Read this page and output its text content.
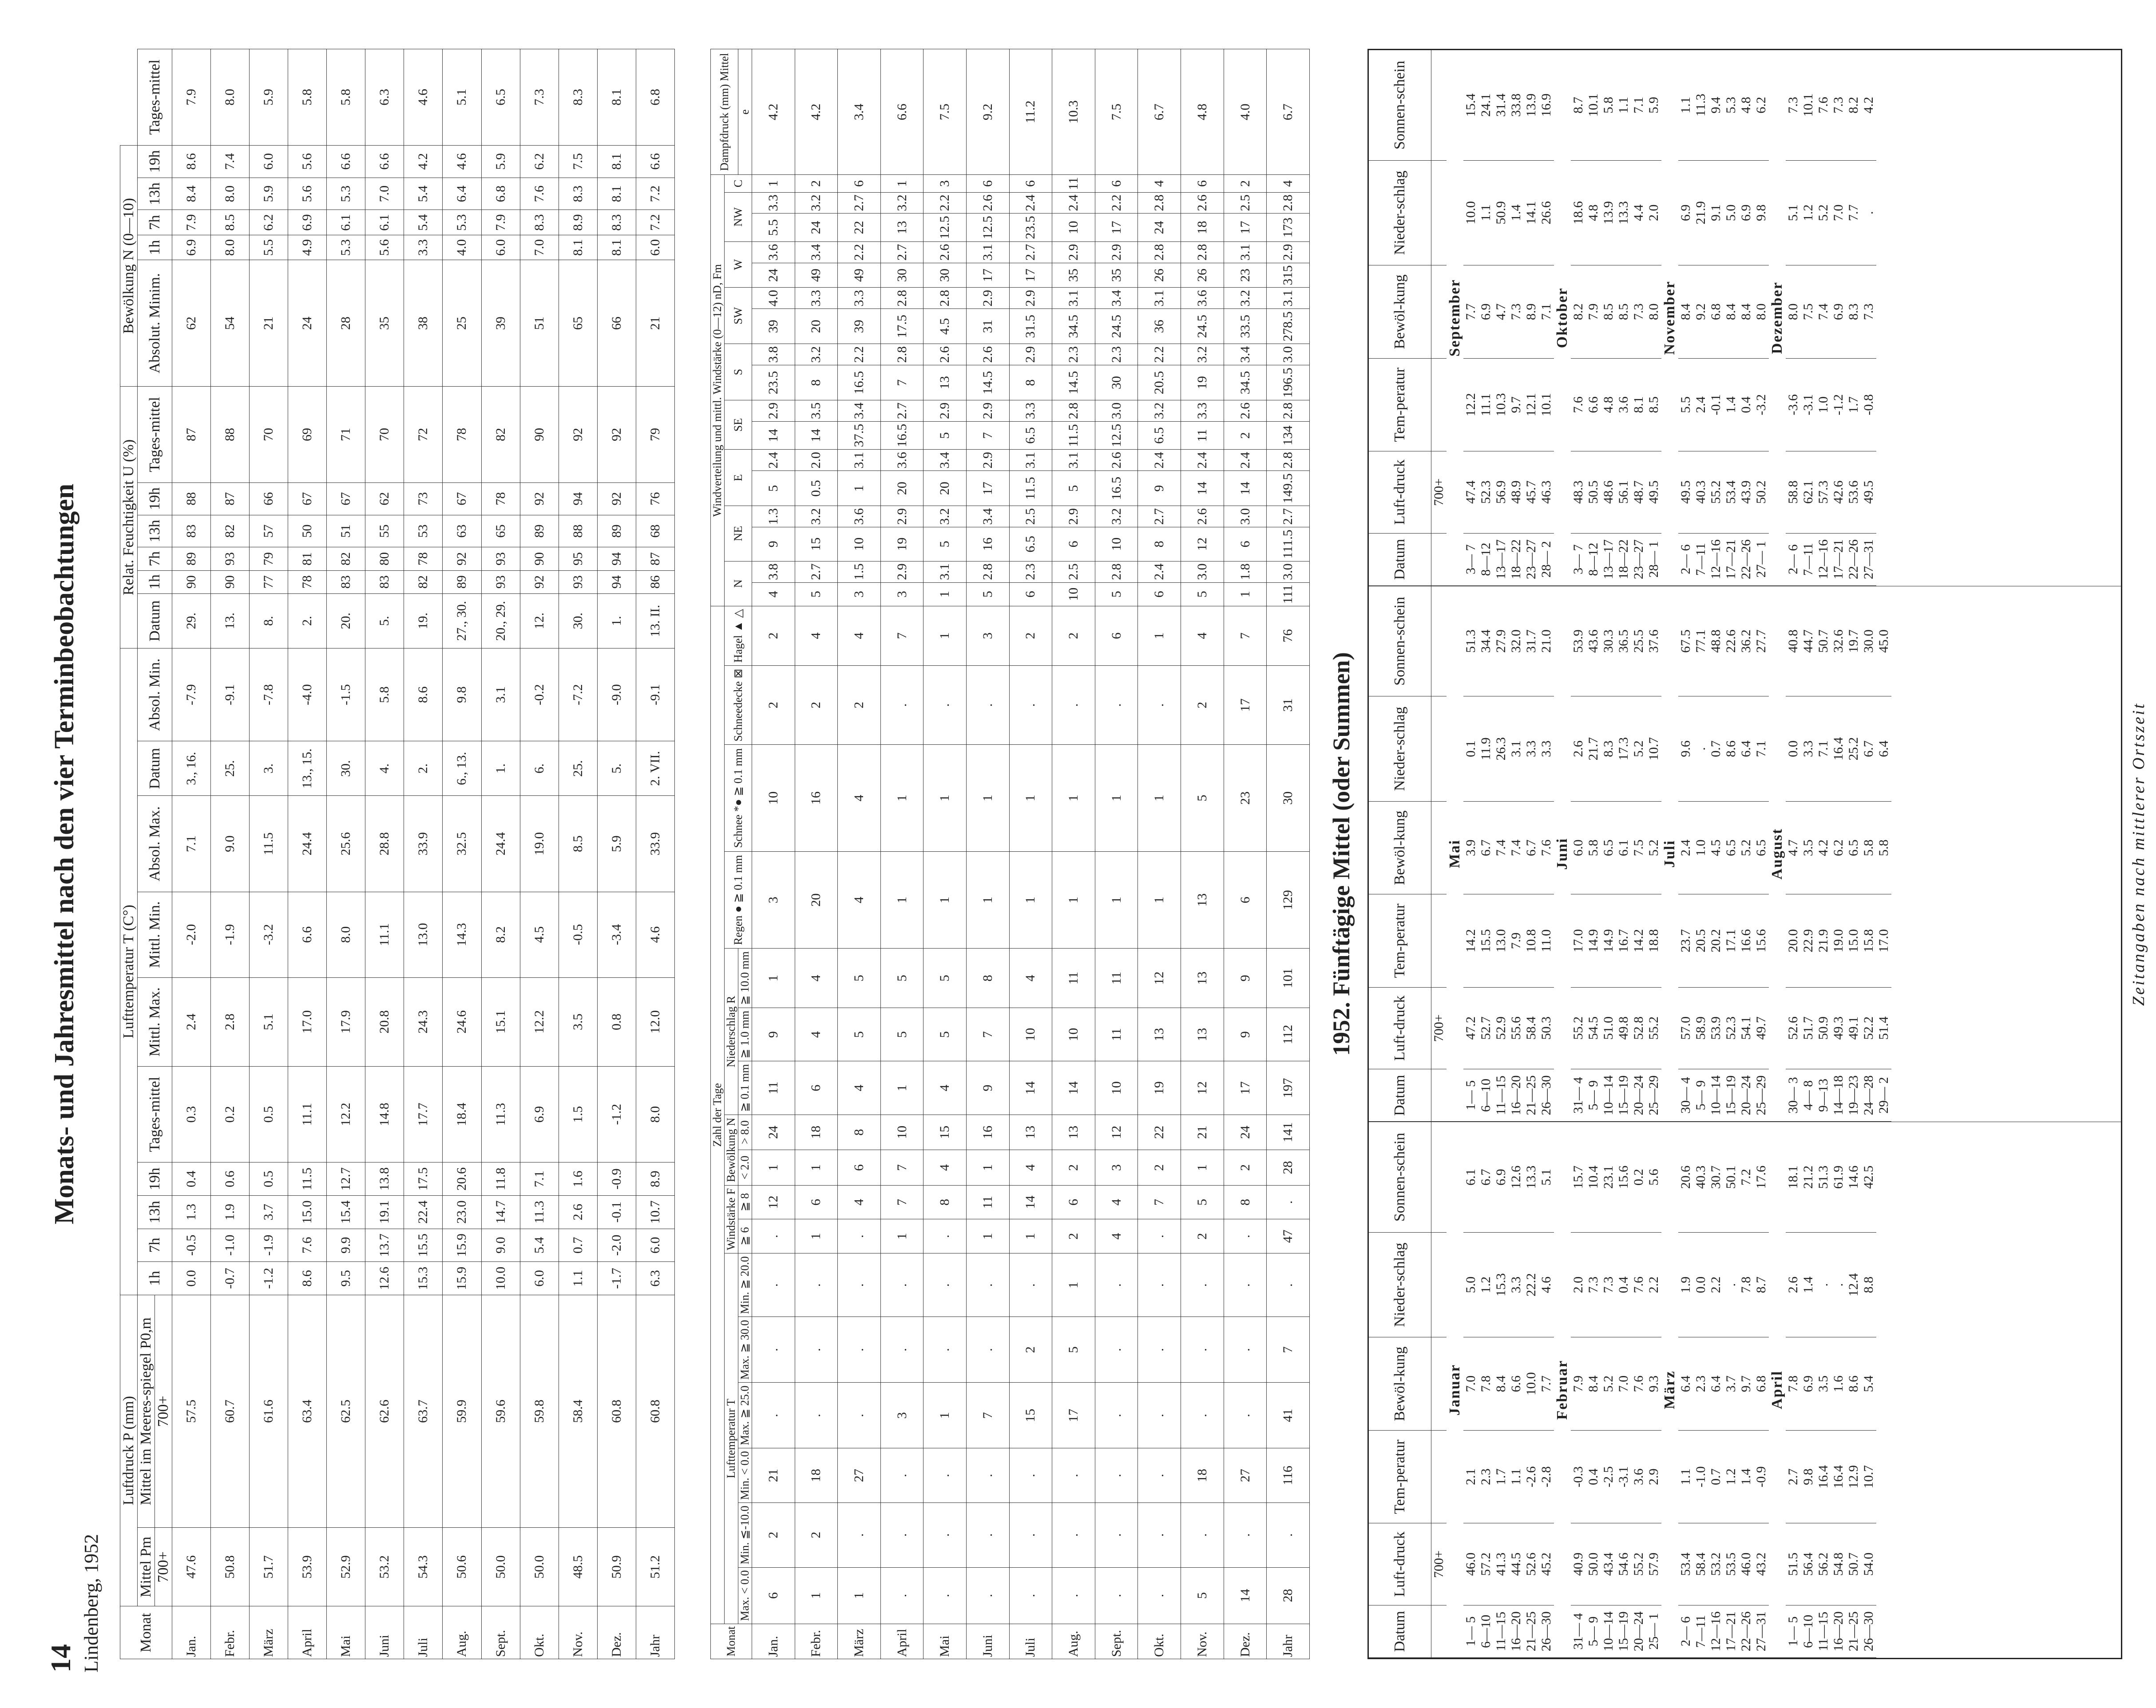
14 Lindenberg, 1952
Monats- und Jahresmittel nach den vier Terminbeobachtungen
Monat	Luftdruck P (mm)		Lufttemperatur T (C°)										Relat. Feuchtigkeit U (%)						Bewölkung N (0—10)					
	Mittel Pm	Mittel im Meeres-spiegel P0,m	1h	7h	13h	19h	Tages-mittel	Mittl. Max.	Mittl. Min.	Absol. Max.	Datum	Absol. Min.	Datum	1h	7h	13h	19h	Tages-mittel	Absolut. Minim.	1h	7h	13h	19h	Tages-mittel
	700+	700+																						
Jan.	47.6	57.5	0.0	-0.5	1.3	0.4	0.3	2.4	-2.0	7.1	3., 16.	-7.9	29.	90	89	83	88	87	62	6.9	7.9	8.4	8.6	7.9
Febr.	50.8	60.7	-0.7	-1.0	1.9	0.6	0.2	2.8	-1.9	9.0	25.	-9.1	13.	90	93	82	87	88	54	8.0	8.5	8.0	7.4	8.0
März	51.7	61.6	-1.2	-1.9	3.7	0.5	0.5	5.1	-3.2	11.5	3.	-7.8	8.	77	79	57	66	70	21	5.5	6.2	5.9	6.0	5.9
April	53.9	63.4	8.6	7.6	15.0	11.5	11.1	17.0	6.6	24.4	13., 15.	-4.0	2.	78	81	50	67	69	24	4.9	6.9	5.6	5.6	5.8
Mai	52.9	62.5	9.5	9.9	15.4	12.7	12.2	17.9	8.0	25.6	30.	-1.5	20.	83	82	51	67	71	28	5.3	6.1	5.3	6.6	5.8
Juni	53.2	62.6	12.6	13.7	19.1	13.8	14.8	20.8	11.1	28.8	4.	5.8	5.	83	80	55	62	70	35	5.6	6.1	7.0	6.6	6.3
Juli	54.3	63.7	15.3	15.5	22.4	17.5	17.7	24.3	13.0	33.9	2.	8.6	19.	82	78	53	73	72	38	3.3	5.4	5.4	4.2	4.6
Aug.	50.6	59.9	15.9	15.9	23.0	20.6	18.4	24.6	14.3	32.5	6., 13.	9.8	27., 30.	89	92	63	67	78	25	4.0	5.3	6.4	4.6	5.1
Sept.	50.0	59.6	10.0	9.0	14.7	11.8	11.3	15.1	8.2	24.4	1.	3.1	20., 29.	93	93	65	78	82	39	6.0	7.9	6.8	5.9	6.5
Okt.	50.0	59.8	6.0	5.4	11.3	7.1	6.9	12.2	4.5	19.0	6.	-0.2	12.	92	90	89	92	90	51	7.0	8.3	7.6	6.2	7.3
Nov.	48.5	58.4	1.1	0.7	2.6	1.6	1.5	3.5	-0.5	8.5	25.	-7.2	30.	93	95	88	94	92	65	8.1	8.9	8.3	7.5	8.3
Dez.	50.9	60.8	-1.7	-2.0	-0.1	-0.9	-1.2	0.8	-3.4	5.9	5.	-9.0	1.	94	94	89	92	92	66	8.1	8.3	8.1	8.1	8.1
Jahr	51.2	60.8	6.3	6.0	10.7	8.9	8.0	12.0	4.6	33.9	2. VII.	-9.1	13. II.	86	87	68	76	79	21	6.0	7.2	7.2	6.6	6.8
Monat	Zahl der Tage																	Windverteilung und mittl. Windstärke (0—12) nD, Fm																	Dampfdruck (mm) Mittel
	Lufttemperatur T						Windstärke F		Bewölkung N		Niederschlag R			Regen ● ≧ 0.1 mm	Schnee *● ≧ 0.1 mm	Schneedecke ⊠	Hagel ▲ △	N		NE		E		SE		S		SW		W		NW		C	
	Max. < 0.0	Min. ≦-10.0	Min. < 0.0	Max. ≧ 25.0	Max. ≧ 30.0	Min. ≧ 20.0	≧ 6	≧ 8	< 2.0	> 8.0	≧ 0.1 mm	≧ 1.0 mm	≧ 10.0 mm																						e
Jan.	6	2	21	.	.	.	.	12	1	24	11	9	1	3	10	2	2	4	3.8	9	1.3	5	2.4	14	2.9	23.5	3.8	39	4.0	24	3.6	5.5	3.3	1	4.2
Febr.	1	2	18	.	.	.	1	6	1	18	6	4	4	20	16	2	4	5	2.7	15	3.2	0.5	2.0	14	3.5	8	3.2	20	3.3	49	3.4	24	3.2	2	4.2
März	1	.	27	.	.	.	.	4	6	8	4	5	5	4	4	2	4	3	1.5	10	3.6	1	3.1	37.5	3.4	16.5	2.2	39	3.3	49	2.2	22	2.7	6	3.4
April	.	.	.	3	.	.	1	7	7	10	1	5	5	1	1	.	7	3	2.9	19	2.9	20	3.6	16.5	2.7	7	2.8	17.5	2.8	30	2.7	13	3.2	1	6.6
Mai	.	.	.	1	.	.	.	8	4	15	4	5	5	1	1	.	1	1	3.1	5	3.2	20	3.4	5	2.9	13	2.6	4.5	2.8	30	2.6	12.5	2.2	3	7.5
Juni	.	.	.	7	.	.	1	11	1	16	9	7	8	1	1	.	3	5	2.8	16	3.4	17	2.9	7	2.9	14.5	2.6	31	2.9	17	3.1	12.5	2.6	6	9.2
Juli	.	.	.	15	2	.	1	14	4	13	14	10	4	1	1	.	2	6	2.3	6.5	2.5	11.5	3.1	6.5	3.3	8	2.9	31.5	2.9	17	2.7	23.5	2.4	6	11.2
Aug.	.	.	.	17	5	1	2	6	2	13	14	10	11	1	1	.	2	10	2.5	6	2.9	5	3.1	11.5	2.8	14.5	2.3	34.5	3.1	35	2.9	10	2.4	11	10.3
Sept.	.	.	.	.	.	.	4	4	3	12	10	11	11	1	1	.	6	5	2.8	10	3.2	16.5	2.6	12.5	3.0	30	2.3	24.5	3.4	35	2.9	17	2.2	6	7.5
Okt.	.	.	.	.	.	.	.	7	2	22	19	13	12	1	1	.	1	6	2.4	8	2.7	9	2.4	6.5	3.2	20.5	2.2	36	3.1	26	2.8	24	2.8	4	6.7
Nov.	5	.	18	.	.	.	2	5	1	21	12	13	13	13	5	2	4	5	3.0	12	2.6	14	2.4	11	3.3	19	3.2	24.5	3.6	26	2.8	18	2.6	6	4.8
Dez.	14	.	27	.	.	.	.	8	2	24	17	9	9	6	23	17	7	1	1.8	6	3.0	14	2.4	2	2.6	34.5	3.4	33.5	3.2	23	3.1	17	2.5	2	4.0
Jahr	28	.	116	41	7	.	47	.	28	141	197	112	101	129	30	31	76	111	3.0	111.5	2.7	149.5	2.8	134	2.8	196.5	3.0	278.5	3.1	315	2.9	173	2.8	4	6.7
1952. Fünftägige Mittel (oder Summen)
Datum	Luft-druck	Tem-peratur	Bewöl-kung	Nieder-schlag	Sonnen-schein
	700+				
Januar
1— 5	46.0	2.1	7.0	5.0	6.1
6—10	57.2	2.3	7.8	1.2	6.7
11—15	41.3	1.7	8.4	15.3	6.9
16—20	44.5	1.1	6.6	3.3	12.6
21—25	52.6	-2.6	10.0	22.2	13.3
26—30	45.2	-2.8	7.7	4.6	5.1
Februar
31— 4	40.9	-0.3	7.9	2.0	15.7
5— 9	50.0	0.4	8.4	7.3	10.4
10—14	43.4	-2.5	5.2	7.3	23.1
15—19	54.6	-3.1	7.0	0.4	15.6
20—24	55.2	3.6	7.6	7.6	0.2
25— 1	57.9	2.9	9.3	2.2	5.6
März
2— 6	53.4	1.1	6.4	1.9	20.6
7—11	58.4	-1.0	2.3	0.0	40.3
12—16	53.2	0.7	6.4	2.2	30.7
17—21	53.5	1.2	3.7	.	50.1
22—26	46.0	1.4	9.7	7.8	7.2
27—31	43.2	-0.9	6.8	8.7	17.6
April
1— 5	51.5	2.7	7.8	2.6	18.1
6—10	56.4	9.8	6.9	1.4	21.2
11—15	56.2	16.4	3.5	.	51.3
16—20	54.8	16.4	1.6	.	61.9
21—25	50.7	12.9	8.6	12.4	14.6
26—30	54.0	10.7	5.4	8.8	42.5

Datum	Luft-druck	Tem-peratur	Bewöl-kung	Nieder-schlag	Sonnen-schein
	700+				
Mai
1— 5	47.2	14.2	3.9	0.1	51.3
6—10	52.7	15.5	6.7	11.9	34.4
11—15	52.9	13.0	7.4	26.3	27.9
16—20	55.6	7.9	7.4	3.1	32.0
21—25	58.4	10.8	6.7	3.3	31.7
26—30	50.3	11.0	7.6	3.3	21.0
Juni
31— 4	55.2	17.0	6.0	2.6	53.9
5— 9	54.5	14.9	5.8	21.7	43.6
10—14	51.0	14.9	6.5	8.3	30.3
15—19	49.8	16.7	6.1	17.3	36.5
20—24	52.8	14.2	7.5	5.2	25.5
25—29	55.2	18.8	5.2	10.7	37.6
Juli
30— 4	57.0	23.7	2.4	9.6	67.5
5— 9	58.9	20.5	1.0	.	77.1
10—14	53.9	20.2	4.5	0.7	48.8
15—19	52.3	17.1	6.5	8.6	22.6
20—24	54.1	16.6	5.2	6.4	36.2
25—29	49.7	15.6	6.5	7.1	27.7
August
30— 3	52.6	20.0	4.7	0.0	40.8
4— 8	51.7	22.9	3.5	3.3	44.7
9—13	50.9	21.9	4.2	7.1	50.7
14—18	49.3	19.0	6.2	16.4	32.6
19—23	49.1	15.0	6.5	25.2	19.7
24—28	52.2	15.8	5.8	6.7	30.0
29— 2	51.4	17.0	5.8	6.4	45.0

Datum	Luft-druck	Tem-peratur	Bewöl-kung	Nieder-schlag	Sonnen-schein
	700+				
September
3— 7	47.4	12.2	7.7	10.0	15.4
8—12	52.3	11.1	6.9	1.1	24.1
13—17	56.9	10.3	4.7	50.9	31.4
18—22	48.9	9.7	7.3	1.4	33.8
23—27	45.7	12.1	8.9	14.1	13.9
28— 2	46.3	10.1	7.1	26.6	16.9
Oktober
3— 7	48.3	7.6	8.2	18.6	8.7
8—12	50.5	6.6	7.9	4.8	10.1
13—17	48.6	4.8	8.5	13.9	5.8
18—22	56.1	3.6	8.5	13.3	1.1
23—27	48.7	8.1	7.3	4.4	7.1
28— 1	49.5	8.5	8.0	2.0	5.9
November
2— 6	49.5	5.5	8.4	6.9	1.1
7—11	40.3	2.4	9.2	21.9	11.3
12—16	55.2	-0.1	6.8	9.1	9.4
17—21	53.4	1.4	8.4	5.0	5.3
22—26	43.9	0.4	8.4	6.9	4.8
27— 1	50.2	-3.2	8.0	9.8	6.2
Dezember
2— 6	58.8	-3.6	8.0	5.1	7.3
7—11	62.1	-3.1	7.5	1.2	10.1
12—16	57.3	1.0	7.4	5.2	7.6
17—21	42.6	-1.2	6.9	7.0	7.3
22—26	53.6	1.7	8.3	7.7	8.2
27—31	49.5	-0.8	7.3	.	4.2
Zeitangaben nach mittlerer Ortszeit
